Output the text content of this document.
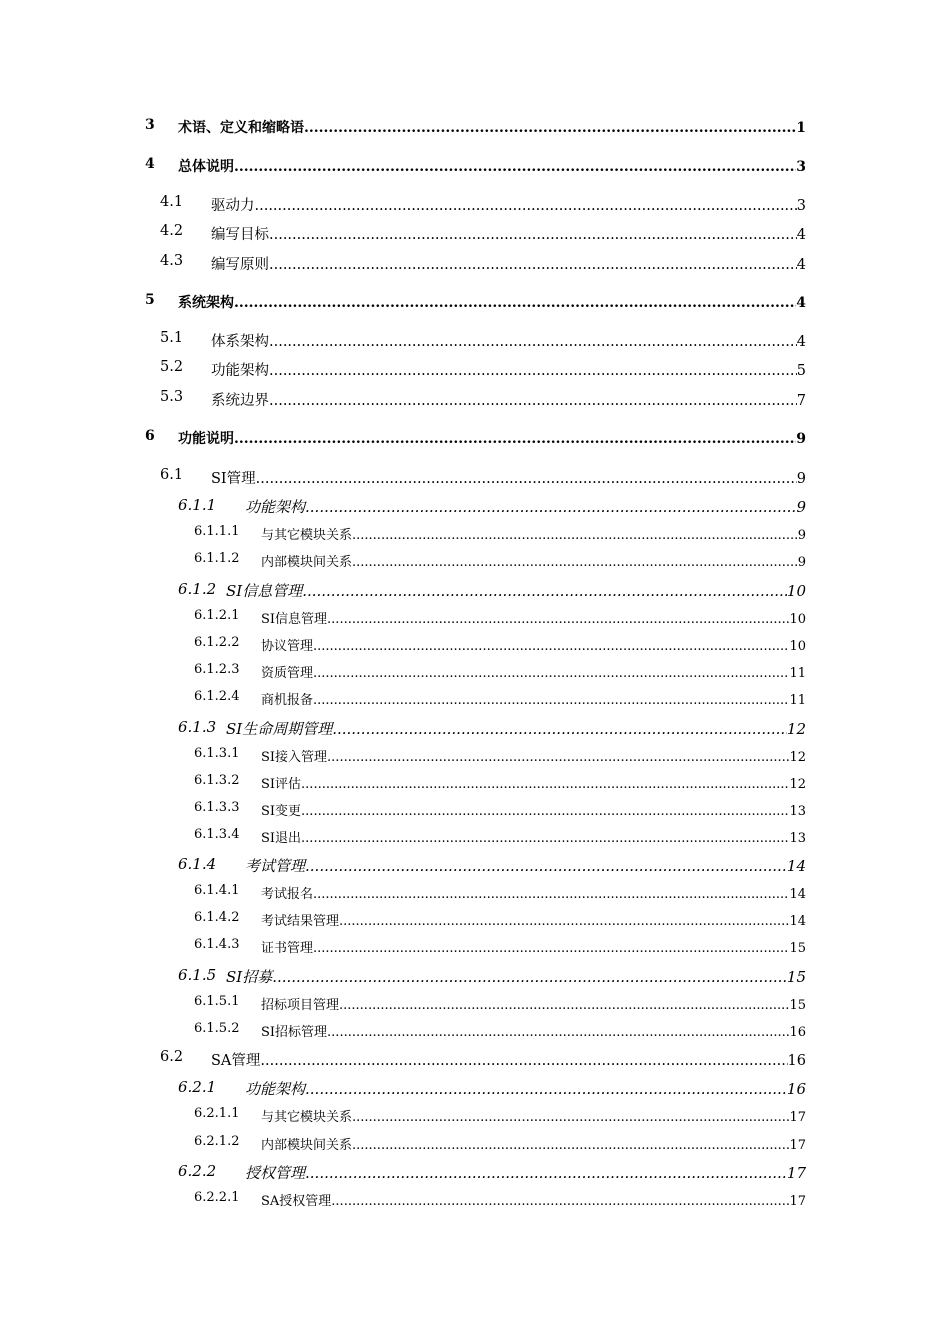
3 术语、定义和缩略语 .....	1
4 总体说明 .....	3
4.1 驱动力 .....	3
4.2 编写目标 .....	4
4.3 编写原则 .....	4
5 系统架构 .....	4
5.1 体系架构 .....	4
5.2 功能架构 .....	5
5.3 系统边界 .....	7
6 功能说明 .....	9
6.1 SI管理 .....	9
6.1.1 功能架构 .....	9
6.1.1.1 与其它模块关系 .....	9
6.1.1.2 内部模块间关系 .....	9
6.1.2 SI信息管理 .....	10
6.1.2.1 SI信息管理 .....	10
6.1.2.2 协议管理 .....	10
6.1.2.3 资质管理 .....	11
6.1.2.4 商机报备 .....	11
6.1.3 SI生命周期管理 .....	12
6.1.3.1 SI接入管理 .....	12
6.1.3.2 SI评估 .....	12
6.1.3.3 SI变更 .....	13
6.1.3.4 SI退出 .....	13
6.1.4 考试管理 .....	14
6.1.4.1 考试报名 .....	14
6.1.4.2 考试结果管理 .....	14
6.1.4.3 证书管理 .....	15
6.1.5 SI招募 .....	15
6.1.5.1 招标项目管理 .....	15
6.1.5.2 SI招标管理 .....	16
6.2 SA管理 .....	16
6.2.1 功能架构 .....	16
6.2.1.1 与其它模块关系 .....	17
6.2.1.2 内部模块间关系 .....	17
6.2.2 授权管理 .....	17
6.2.2.1 SA授权管理 .....	17
